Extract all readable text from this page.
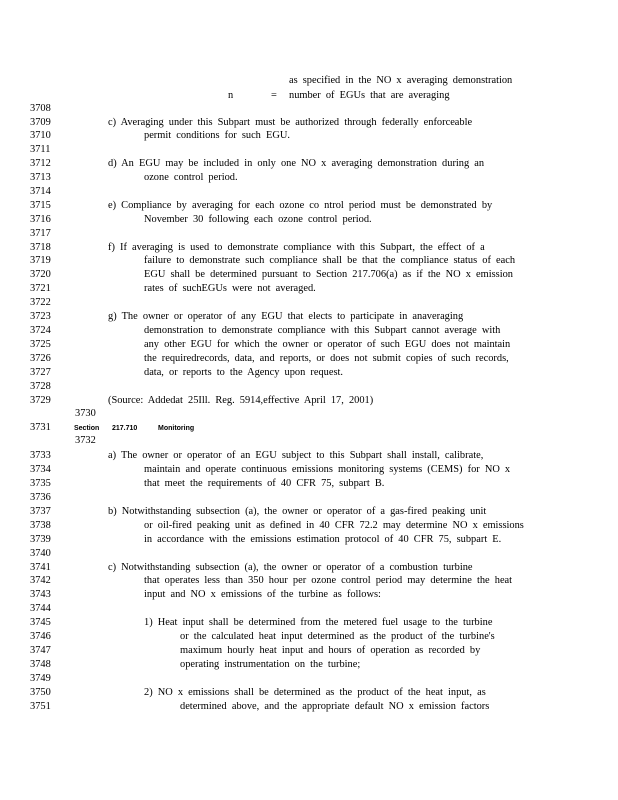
as specified in the NO x averaging demonstration
n	= number of EGUs that are averaging
3708
3709	c) Averaging under this Subpart must be authorized through federally enforceable
3710	permit conditions for such EGU.
3711
3712	d) An EGU may be included in only one NO x averaging demonstration during an
3713	ozone control period.
3714
3715	e) Compliance by averaging for each ozone co ntrol period must be demonstrated by
3716	November 30 following each ozone control period.
3717
3718	f) If averaging is used to demonstrate compliance with this Subpart, the effect of a
3719	failure to demonstrate such compliance shall be that the compliance status of each
3720	EGU shall be determined pursuant to Section 217.706(a) as if the NO x emission
3721	rates of suchEGUs were not averaged.
3722
3723	g) The owner or operator of any EGU that elects to participate in anaveraging
3724	demonstration to demonstrate compliance with this Subpart cannot average with
3725	any other EGU for which the owner or operator of such EGU does not maintain
3726	the requiredrecords, data, and reports, or does not submit copies of such records,
3727	data, or reports to the Agency upon request.
3728
3729	(Source: Addedat 25Ill. Reg. 5914,effective April 17, 2001)
3730
3731	Section 217.710	Monitoring
3732
3733	a) The owner or operator of an EGU subject to this Subpart shall install, calibrate,
3734	maintain and operate continuous emissions monitoring systems (CEMS) for NO x
3735	that meet the requirements of 40 CFR 75, subpart B.
3736
3737	b) Notwithstanding subsection (a), the owner or operator of a gas-fired peaking unit
3738	or oil-fired peaking unit as defined in 40 CFR 72.2 may determine NO x emissions
3739	in accordance with the emissions estimation protocol of 40 CFR 75, subpart E.
3740
3741	c) Notwithstanding subsection (a), the owner or operator of a combustion turbine
3742	that operates less than 350 hour per ozone control period may determine the heat
3743	input and NO x emissions of the turbine as follows:
3744
3745	1) Heat input shall be determined from the metered fuel usage to the turbine
3746	or the calculated heat input determined as the product of the turbine's
3747	maximum hourly heat input and hours of operation as recorded by
3748	operating instrumentation on the turbine;
3749
3750	2) NO x emissions shall be determined as the product of the heat input, as
3751	determined above, and the appropriate default NO x emission factors
